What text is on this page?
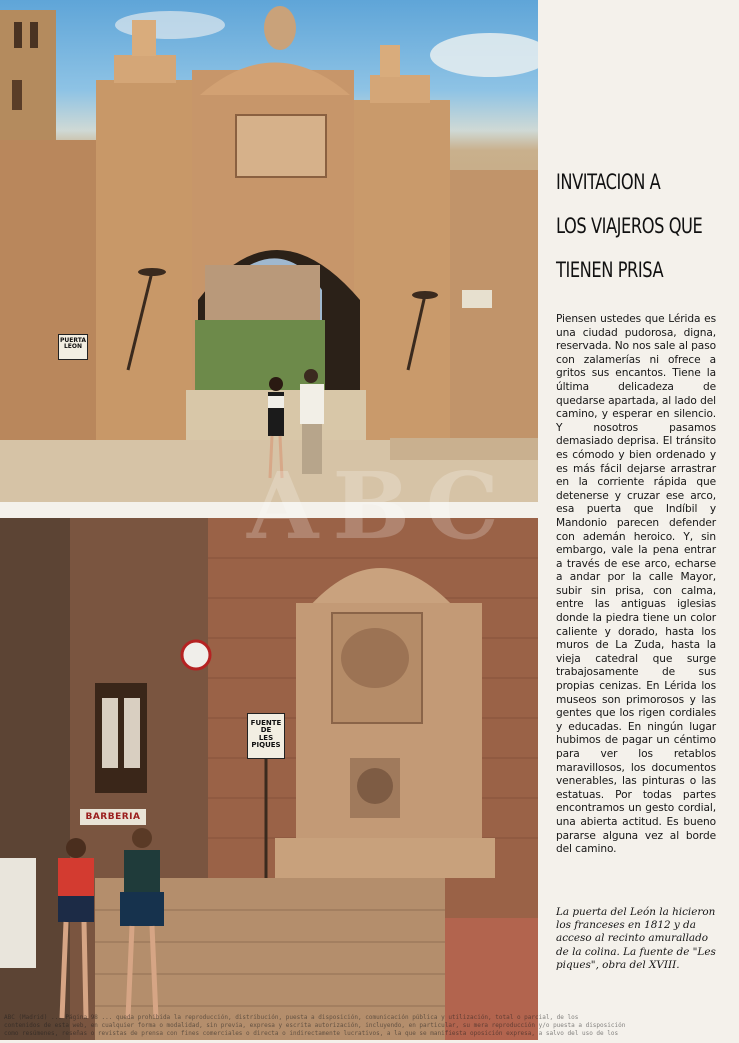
PUERTA
LEON
FUENTE
DE
LES PIQUES
BARBERIA
ABC
INVITACION A
LOS VIAJEROS QUE
TIENEN PRISA
Piensen ustedes que Lérida es una ciudad pudorosa, digna, reservada. No nos sale al paso con zalamerías ni ofrece a gritos sus encantos. Tiene la última delicadeza de quedarse apartada, al lado del camino, y esperar en silencio. Y nosotros pasamos demasiado deprisa. El tránsito es cómodo y bien ordenado y es más fácil dejarse arrastrar en la corriente rápida que detenerse y cruzar ese arco, esa puerta que Indíbil y Mandonio parecen defender con ademán heroico. Y, sin embargo, vale la pena entrar a través de ese arco, echarse a andar por la calle Mayor, subir sin prisa, con calma, entre las antiguas iglesias donde la piedra tiene un color caliente y dorado, hasta los muros de La Zuda, hasta la vieja catedral que surge trabajosamente de sus propias cenizas. En Lérida los museos son primorosos y las gentes que los rigen cordiales y educadas. En ningún lugar hubimos de pagar un céntimo para ver los retablos maravillosos, los documentos venerables, las pinturas o las estatuas. Por todas partes encontramos un gesto cordial, una abierta actitud. Es bueno pararse alguna vez al borde del camino.
La puerta del León la hicieron los franceses en 1812 y da acceso al recinto amurallado de la colina. La fuente de "Les piques", obra del XVIII.
ABC (Madrid) ... Página 98 ... queda prohibida la reproducción, distribución, puesta a disposición, comunicación pública y utilización, total o parcial, de los
contenidos de esta web, en cualquier forma o modalidad, sin previa, expresa y escrita autorización, incluyendo, en particular, su mera reproducción y/o puesta a disposición
como resúmenes, reseñas o revistas de prensa con fines comerciales o directa o indirectamente lucrativos, a la que se manifiesta oposición expresa, a salvo del uso de los
